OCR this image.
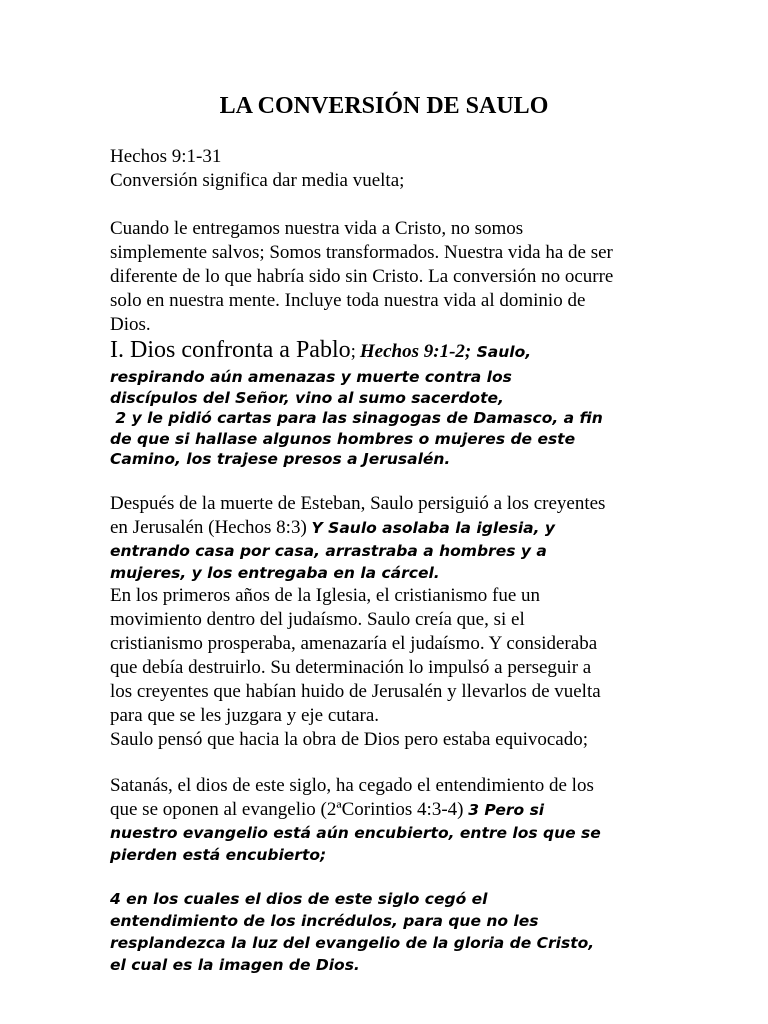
LA CONVERSIÓN DE SAULO
Hechos 9:1-31
Conversión significa dar media vuelta;
Cuando le entregamos nuestra vida a Cristo, no somos
simplemente salvos; Somos transformados. Nuestra vida ha de ser
diferente de lo que habría sido sin Cristo. La conversión no ocurre
solo en nuestra mente. Incluye toda nuestra vida al dominio de
Dios.
I. Dios confronta a Pablo; Hechos 9:1-2; Saulo,
respirando aún amenazas y muerte contra los
discípulos del Señor, vino al sumo sacerdote,
2 y le pidió cartas para las sinagogas de Damasco, a fin
de que si hallase algunos hombres o mujeres de este
Camino, los trajese presos a Jerusalén.
Después de la muerte de Esteban, Saulo persiguió a los creyentes
en Jerusalén (Hechos 8:3) Y Saulo asolaba la iglesia, y
entrando casa por casa, arrastraba a hombres y a
mujeres, y los entregaba en la cárcel.
En los primeros años de la Iglesia, el cristianismo fue un
movimiento dentro del judaísmo. Saulo creía que, si el
cristianismo prosperaba, amenazaría el judaísmo. Y consideraba
que debía destruirlo. Su determinación lo impulsó a perseguir a
los creyentes que habían huido de Jerusalén y llevarlos de vuelta
para que se les juzgara y eje cutara.
Saulo pensó que hacia la obra de Dios pero estaba equivocado;
Satanás, el dios de este siglo, ha cegado el entendimiento de los
que se oponen al evangelio (2ªCorintios 4:3-4) 3 Pero si
nuestro evangelio está aún encubierto, entre los que se
pierden está encubierto;
4 en los cuales el dios de este siglo cegó el
entendimiento de los incrédulos, para que no les
resplandezca la luz del evangelio de la gloria de Cristo,
el cual es la imagen de Dios.
